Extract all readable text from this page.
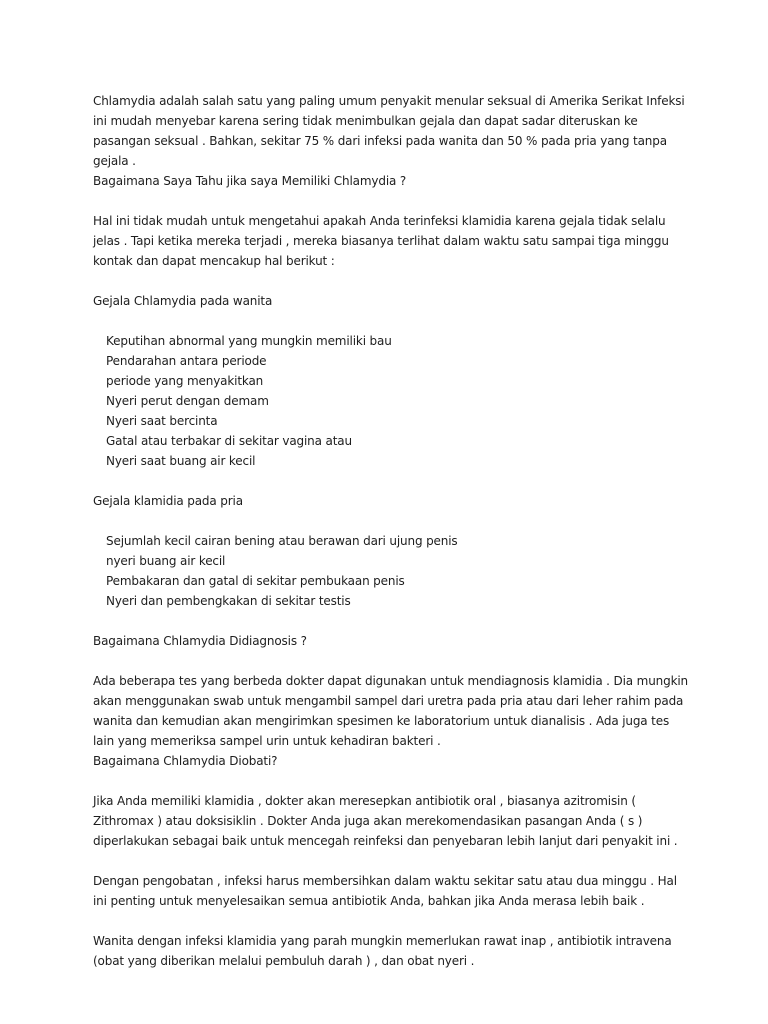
Chlamydia adalah salah satu yang paling umum penyakit menular seksual di Amerika Serikat Infeksi
ini mudah menyebar karena sering tidak menimbulkan gejala dan dapat sadar diteruskan ke
pasangan seksual . Bahkan, sekitar 75 % dari infeksi pada wanita dan 50 % pada pria yang tanpa
gejala .
Bagaimana Saya Tahu jika saya Memiliki Chlamydia ?
Hal ini tidak mudah untuk mengetahui apakah Anda terinfeksi klamidia karena gejala tidak selalu
jelas . Tapi ketika mereka terjadi , mereka biasanya terlihat dalam waktu satu sampai tiga minggu
kontak dan dapat mencakup hal berikut :
Gejala Chlamydia pada wanita
Keputihan abnormal yang mungkin memiliki bau
Pendarahan antara periode
periode yang menyakitkan
Nyeri perut dengan demam
Nyeri saat bercinta
Gatal atau terbakar di sekitar vagina atau
Nyeri saat buang air kecil
Gejala klamidia pada pria
Sejumlah kecil cairan bening atau berawan dari ujung penis
nyeri buang air kecil
Pembakaran dan gatal di sekitar pembukaan penis
Nyeri dan pembengkakan di sekitar testis
Bagaimana Chlamydia Didiagnosis ?
Ada beberapa tes yang berbeda dokter dapat digunakan untuk mendiagnosis klamidia . Dia mungkin
akan menggunakan swab untuk mengambil sampel dari uretra pada pria atau dari leher rahim pada
wanita dan kemudian akan mengirimkan spesimen ke laboratorium untuk dianalisis . Ada juga tes
lain yang memeriksa sampel urin untuk kehadiran bakteri .
Bagaimana Chlamydia Diobati?
Jika Anda memiliki klamidia , dokter akan meresepkan antibiotik oral , biasanya azitromisin (
Zithromax ) atau doksisiklin . Dokter Anda juga akan merekomendasikan pasangan Anda ( s )
diperlakukan sebagai baik untuk mencegah reinfeksi dan penyebaran lebih lanjut dari penyakit ini .
Dengan pengobatan , infeksi harus membersihkan dalam waktu sekitar satu atau dua minggu . Hal
ini penting untuk menyelesaikan semua antibiotik Anda, bahkan jika Anda merasa lebih baik .
Wanita dengan infeksi klamidia yang parah mungkin memerlukan rawat inap , antibiotik intravena
(obat yang diberikan melalui pembuluh darah ) , dan obat nyeri .
